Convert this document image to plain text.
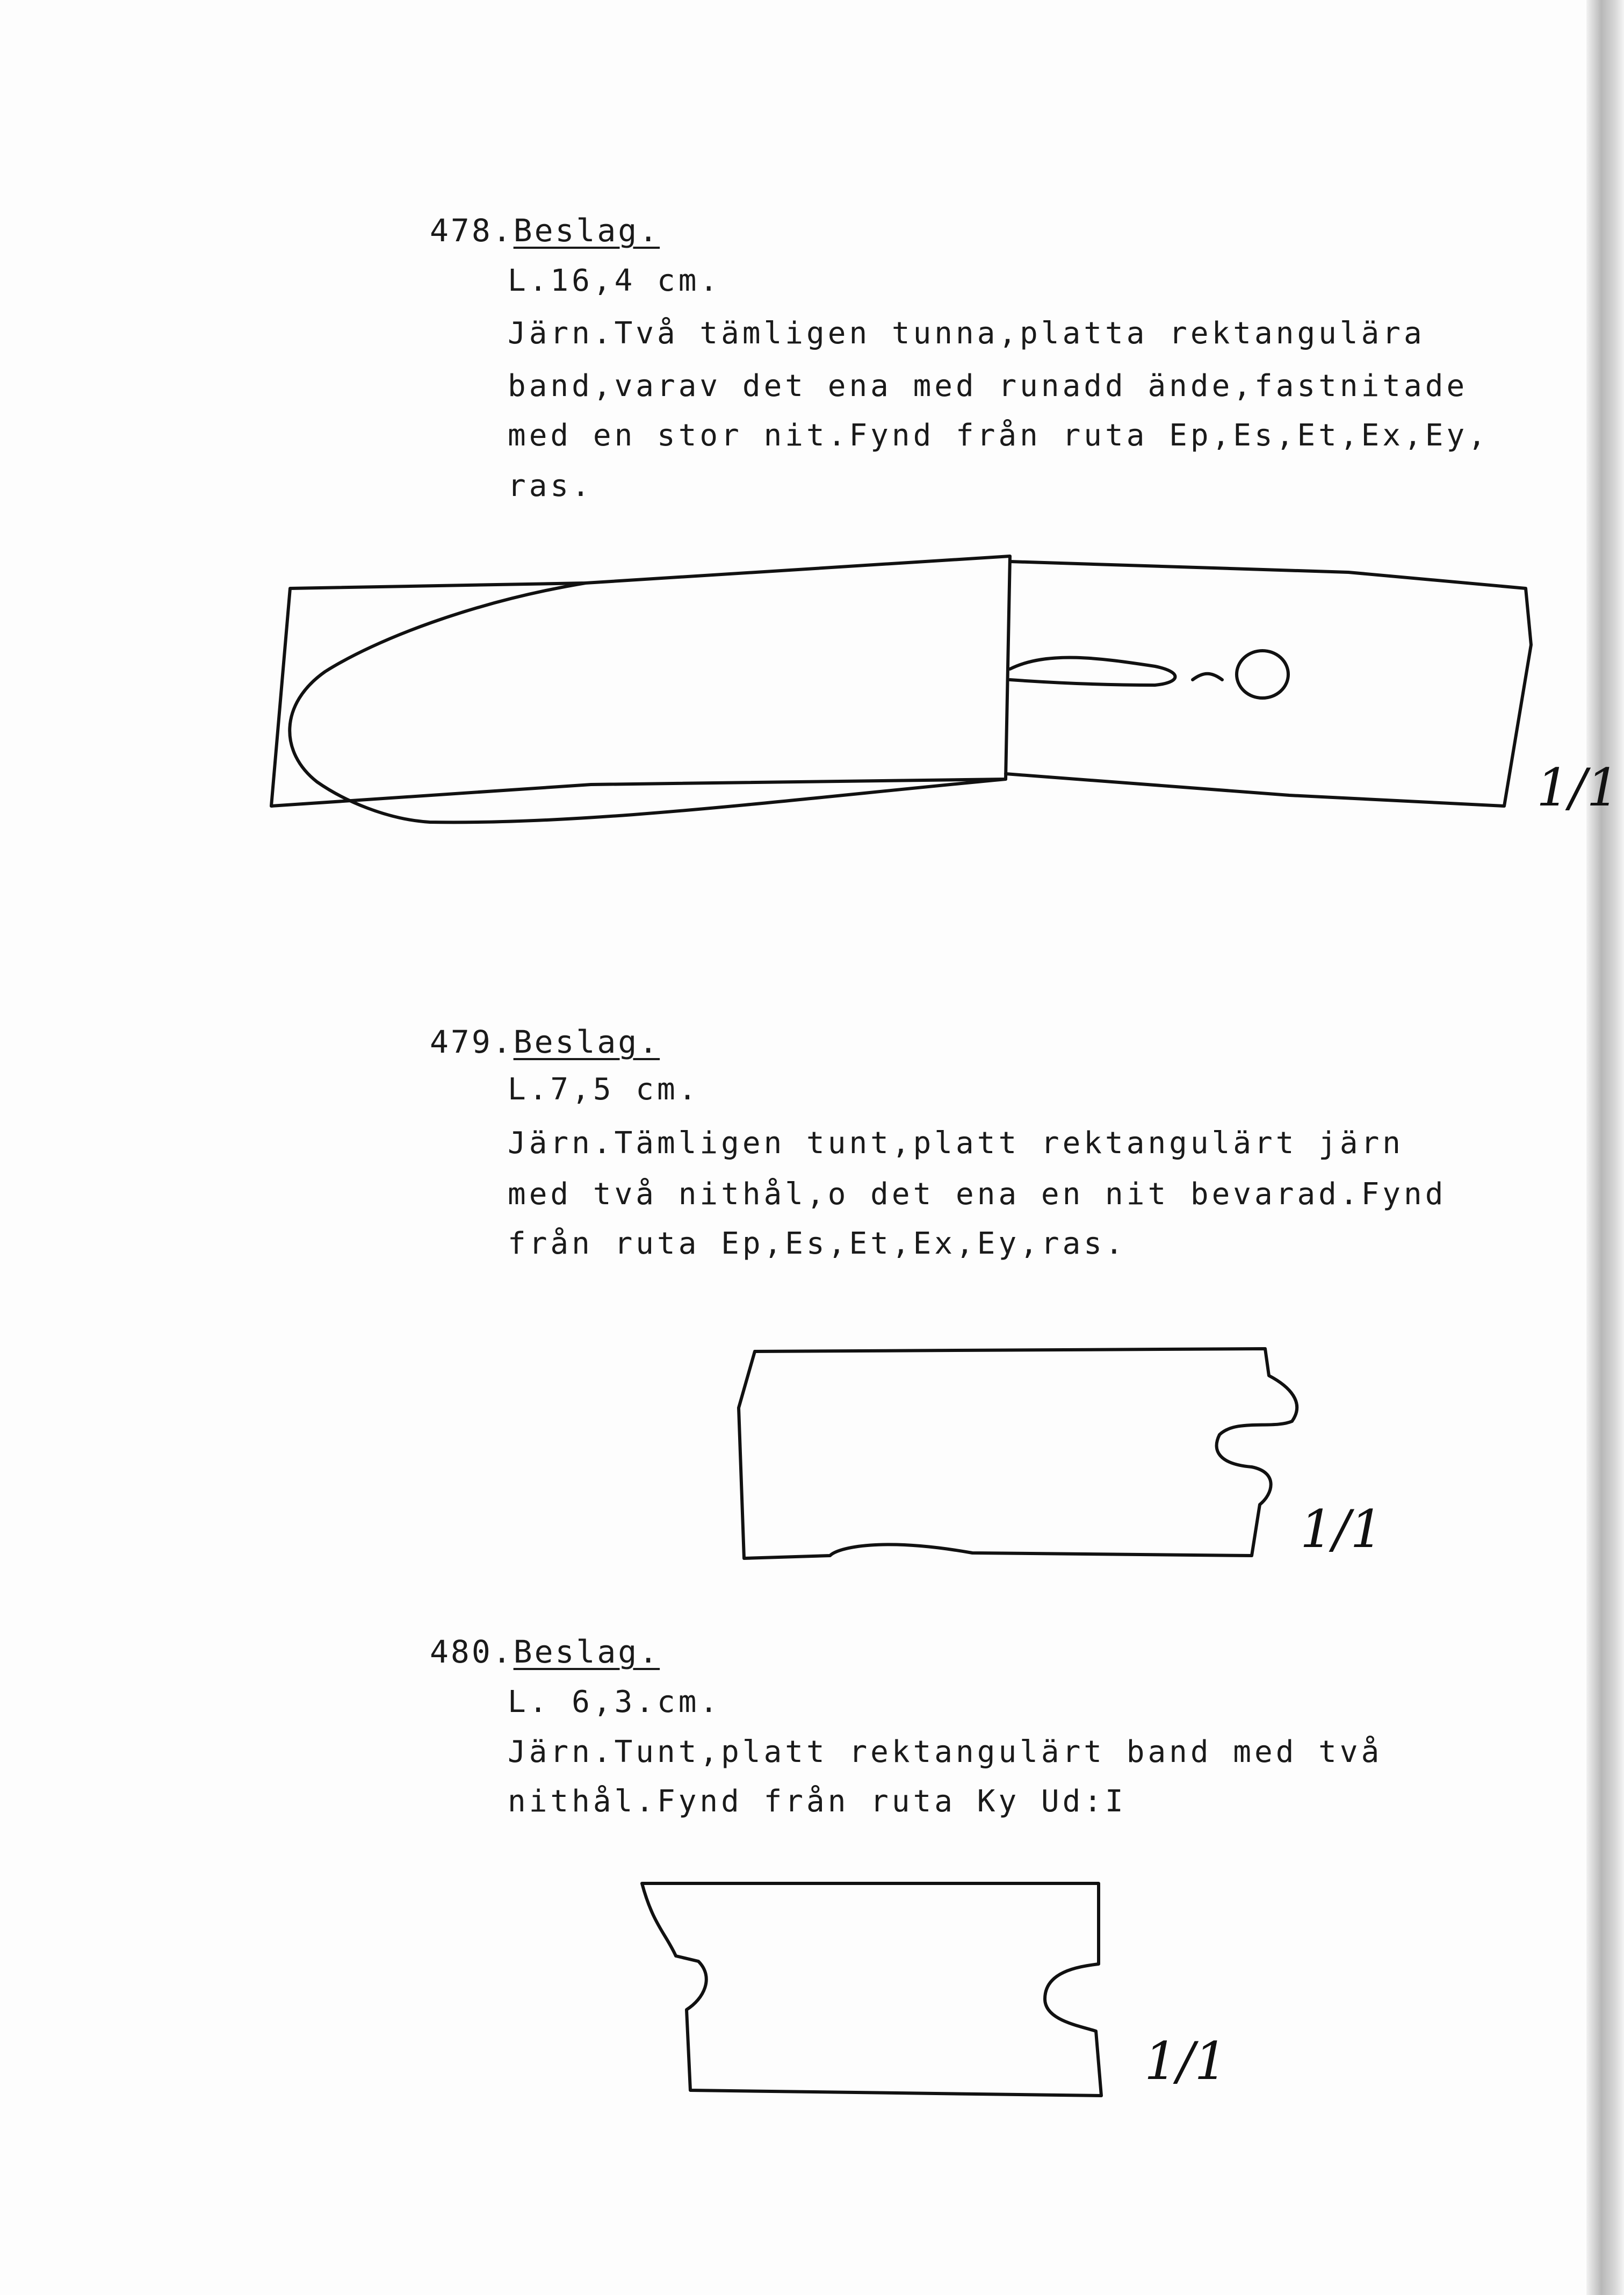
478.Beslag.
L.16,4 cm.
Järn.Två tämligen tunna,platta rektangulära
band,varav det ena med runadd ände,fastnitade
med en stor nit.Fynd från ruta Ep,Es,Et,Ex,Ey,
ras.
479.Beslag.
L.7,5 cm.
Järn.Tämligen tunt,platt rektangulärt järn
med två nithål,o det ena en nit bevarad.Fynd
från ruta Ep,Es,Et,Ex,Ey,ras.
480.Beslag.
L. 6,3.cm.
Järn.Tunt,platt rektangulärt band med två
nithål.Fynd från ruta Ky Ud:I
1/1
1/1
1/1
